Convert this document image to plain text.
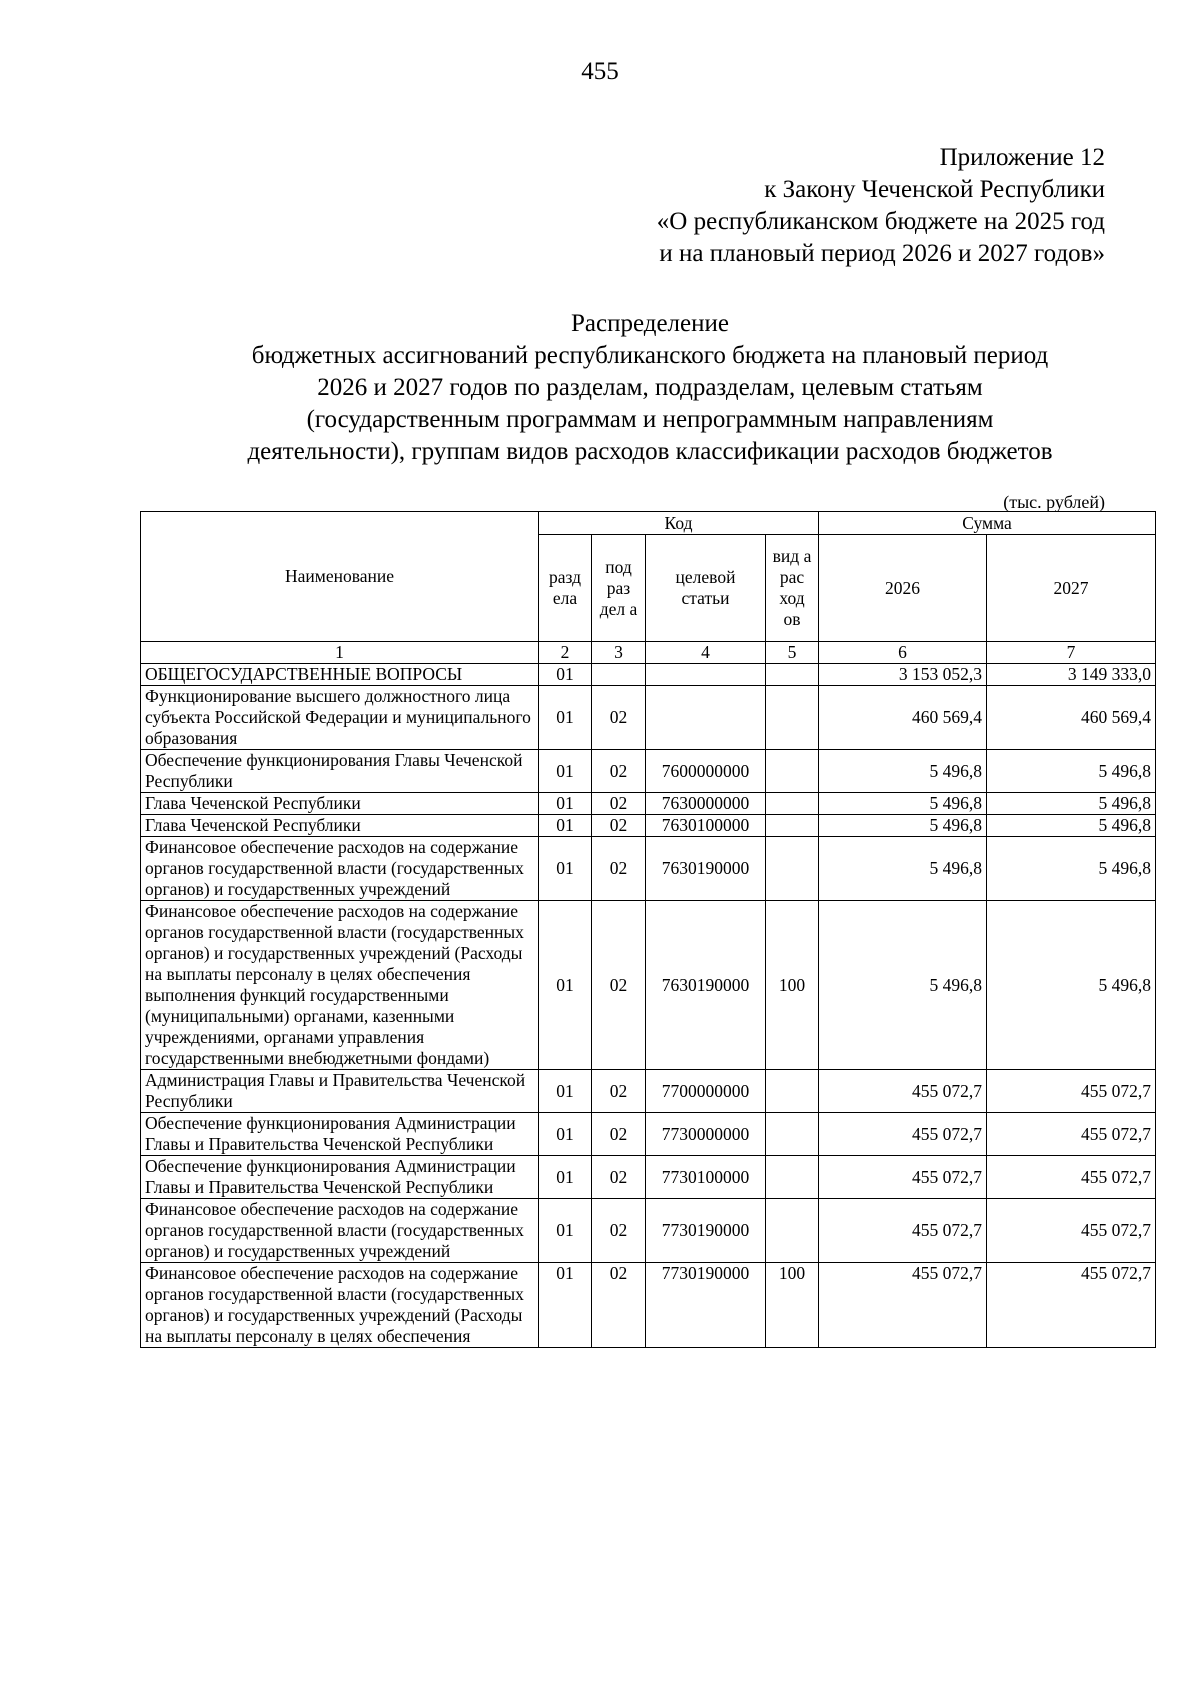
455
Приложение 12
к Закону Чеченской Республики
«О республиканском бюджете на 2025 год
и на плановый период 2026 и 2027 годов»
Распределение
бюджетных ассигнований республиканского бюджета на плановый период
2026 и 2027 годов по разделам, подразделам, целевым статьям
(государственным программам и непрограммным направлениям
деятельности), группам видов расходов классификации расходов бюджетов
(тыс. рублей)
Наименование	Код				Сумма	
	разд ела	под раз дел а	целевой статьи	вид а рас ход ов	2026	2027
1	2	3	4	5	6	7
ОБЩЕГОСУДАРСТВЕННЫЕ ВОПРОСЫ	01				3 153 052,3	3 149 333,0
Функционирование высшего должностного лица субъекта Российской Федерации и муниципального образования	01	02			460 569,4	460 569,4
Обеспечение функционирования Главы Чеченской Республики	01	02	7600000000		5 496,8	5 496,8
Глава Чеченской Республики	01	02	7630000000		5 496,8	5 496,8
Глава Чеченской Республики	01	02	7630100000		5 496,8	5 496,8
Финансовое обеспечение расходов на содержание органов государственной власти (государственных органов) и государственных учреждений	01	02	7630190000		5 496,8	5 496,8
Финансовое обеспечение расходов на содержание органов государственной власти (государственных органов) и государственных учреждений (Расходы на выплаты персоналу в целях обеспечения выполнения функций государственными (муниципальными) органами, казенными учреждениями, органами управления государственными внебюджетными фондами)	01	02	7630190000	100	5 496,8	5 496,8
Администрация Главы и Правительства Чеченской Республики	01	02	7700000000		455 072,7	455 072,7
Обеспечение функционирования Администрации Главы и Правительства Чеченской Республики	01	02	7730000000		455 072,7	455 072,7
Обеспечение функционирования Администрации Главы и Правительства Чеченской Республики	01	02	7730100000		455 072,7	455 072,7
Финансовое обеспечение расходов на содержание органов государственной власти (государственных органов) и государственных учреждений	01	02	7730190000		455 072,7	455 072,7
Финансовое обеспечение расходов на содержание органов государственной власти (государственных органов) и государственных учреждений (Расходы на выплаты персоналу в целях обеспечения	01	02	7730190000	100	455 072,7	455 072,7
